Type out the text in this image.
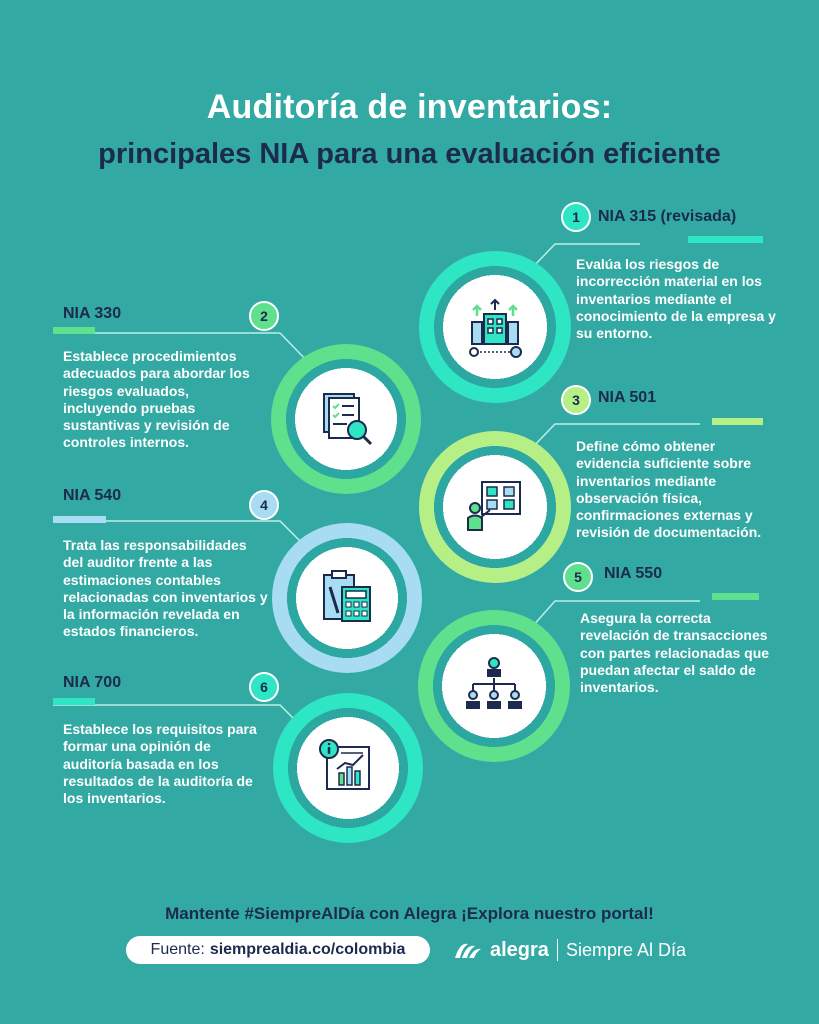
Auditoría de inventarios:
principales NIA para una evaluación eficiente
1	NIA 315 (revisada)
Evalúa los riesgos de incorrección material en los inventarios mediante el conocimiento de la empresa y su entorno.
2
NIA 330
Establece procedimientos adecuados para abordar los riesgos evaluados, incluyendo pruebas sustantivas y revisión de controles internos.
3	NIA 501
Define cómo obtener evidencia suficiente sobre inventarios mediante observación física, confirmaciones externas y revisión de documentación.
4
NIA 540
Trata las responsabilidades del auditor frente a las estimaciones contables relacionadas con inventarios y la información revelada en estados financieros.
5	NIA 550
Asegura la correcta revelación de transacciones con partes relacionadas que puedan afectar el saldo de inventarios.
6
NIA 700
Establece los requisitos para formar una opinión de auditoría basada en los resultados de la auditoría de los inventarios.
Mantente #SiempreAlDía con Alegra ¡Explora nuestro portal!
Fuente: siemprealdia.co/colombia	alegra Siempre Al Día
